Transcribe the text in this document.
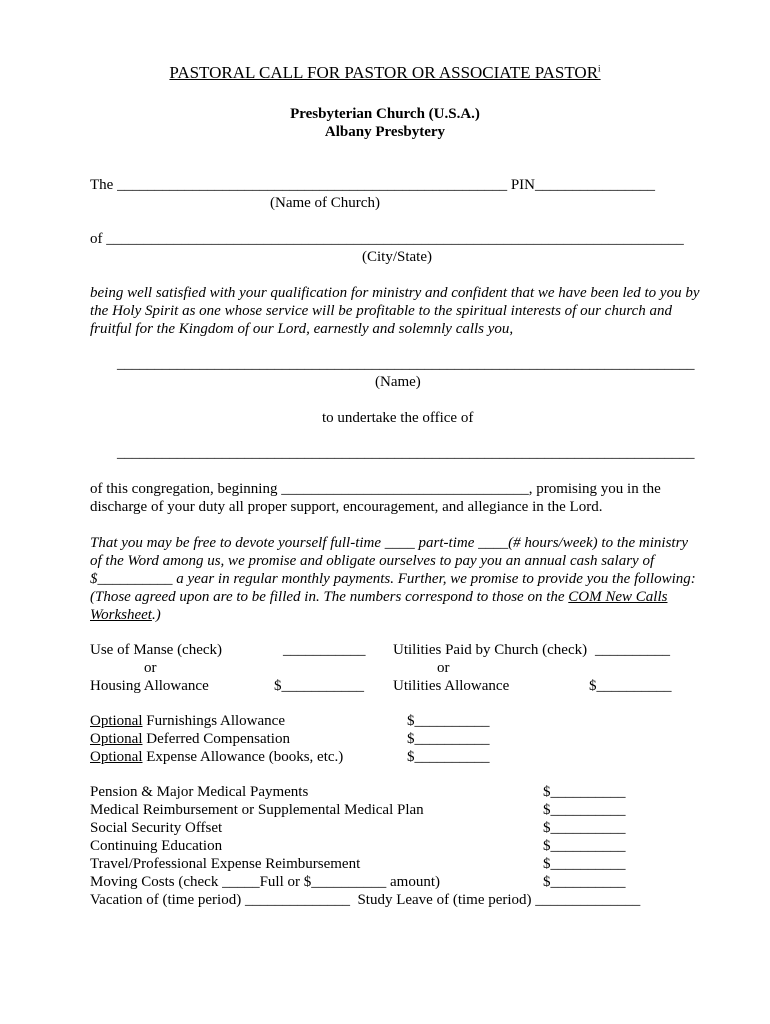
PASTORAL CALL FOR PASTOR OR ASSOCIATE PASTOR$^i$
Presbyterian Church (U.S.A.)
Albany Presbytery
The ____________________________________________________ PIN________________
(Name of Church)
of _____________________________________________________________________________
(City/State)
being well satisfied with your qualification for ministry and confident that we have been led to you by
the Holy Spirit as one whose service will be profitable to the spiritual interests of our church and
fruitful for the Kingdom of our Lord, earnestly and solemnly calls you,
_____________________________________________________________________________
(Name)
to undertake the office of
_____________________________________________________________________________
of this congregation, beginning _________________________________, promising you in the
discharge of your duty all proper support, encouragement, and allegiance in the Lord.
That you may be free to devote yourself full-time ____ part-time ____(# hours/week) to the ministry
of the Word among us, we promise and obligate ourselves to pay you an annual cash salary of
$__________ a year in regular monthly payments. Further, we promise to provide you the following:
(Those agreed upon are to be filled in. The numbers correspond to those on the COM New Calls
Worksheet.)
Use of Manse (check)	___________
or
Housing Allowance	$___________
Utilities Paid by Church (check) __________
or
Utilities Allowance	$__________
Optional Furnishings Allowance	$__________
Optional Deferred Compensation	$__________
Optional Expense Allowance (books, etc.)	$__________
Pension & Major Medical Payments	$__________
Medical Reimbursement or Supplemental Medical Plan	$__________
Social Security Offset	$__________
Continuing Education	$__________
Travel/Professional Expense Reimbursement	$__________
Moving Costs (check _____Full or $__________ amount)	$__________
Vacation of (time period) ______________  Study Leave of (time period) ______________
